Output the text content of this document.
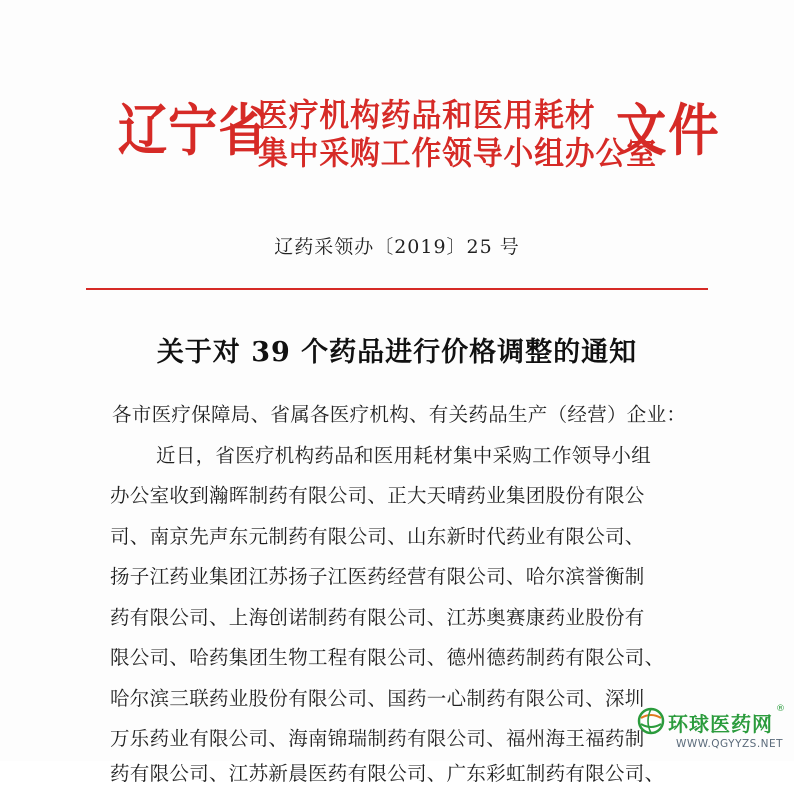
辽宁省
医疗机构药品和医用耗材
集中采购工作领导小组办公室
文件
辽药采领办〔2019〕25 号
关于对 39 个药品进行价格调整的通知
各市医疗保障局、省属各医疗机构、有关药品生产（经营）企业：
近日，省医疗机构药品和医用耗材集中采购工作领导小组
办公室收到瀚晖制药有限公司、正大天晴药业集团股份有限公
司、南京先声东元制药有限公司、山东新时代药业有限公司、
扬子江药业集团江苏扬子江医药经营有限公司、哈尔滨誉衡制
药有限公司、上海创诺制药有限公司、江苏奥赛康药业股份有
限公司、哈药集团生物工程有限公司、德州德药制药有限公司、
哈尔滨三联药业股份有限公司、国药一心制药有限公司、深圳
万乐药业有限公司、海南锦瑞制药有限公司、福州海王福药制
药有限公司、江苏新晨医药有限公司、广东彩虹制药有限公司、
环球医药网
®
WWW.QGYYZS.NET
